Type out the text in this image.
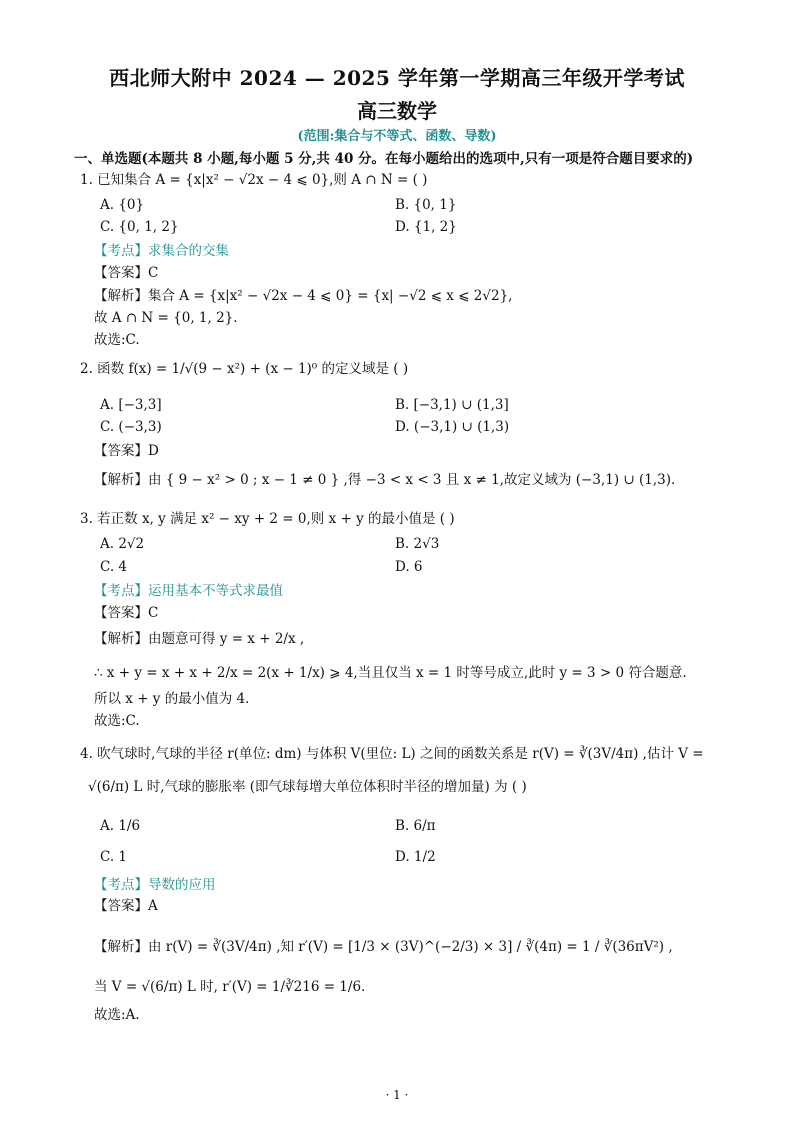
西北师大附中 2024 — 2025 学年第一学期高三年级开学考试
高三数学
(范围:集合与不等式、函数、导数)
一、单选题(本题共 8 小题,每小题 5 分,共 40 分。在每小题给出的选项中,只有一项是符合题目要求的)
1. 已知集合 A = {x|x² − √2x − 4 ⩽ 0},则 A ∩ N = ( )
A. {0}	B. {0, 1}
C. {0, 1, 2}	D. {1, 2}
【考点】求集合的交集
【答案】C
【解析】集合 A = {x|x² − √2x − 4 ⩽ 0} = {x| −√2 ⩽ x ⩽ 2√2},
故 A ∩ N = {0, 1, 2}.
故选:C.
2. 函数 f(x) = 1/√(9 − x²) + (x − 1)⁰ 的定义域是 ( )
A. [−3,3]	B. [−3,1) ∪ (1,3]
C. (−3,3)	D. (−3,1) ∪ (1,3)
【答案】D
【解析】由 { 9 − x² > 0 ; x − 1 ≠ 0 } ,得 −3 < x < 3 且 x ≠ 1,故定义域为 (−3,1) ∪ (1,3).
3. 若正数 x, y 满足 x² − xy + 2 = 0,则 x + y 的最小值是 ( )
A. 2√2	B. 2√3
C. 4	D. 6
【考点】运用基本不等式求最值
【答案】C
【解析】由题意可得 y = x + 2/x ,
∴ x + y = x + x + 2/x = 2(x + 1/x) ⩾ 4,当且仅当 x = 1 时等号成立,此时 y = 3 > 0 符合题意.
所以 x + y 的最小值为 4.
故选:C.
4. 吹气球时,气球的半径 r(单位: dm) 与体积 V(里位: L) 之间的函数关系是 r(V) = ∛(3V/4π) ,估计 V =
√(6/π) L 时,气球的膨胀率 (即气球每增大单位体积时半径的增加量) 为 ( )
A. 1/6	B. 6/π
C. 1	D. 1/2
【考点】导数的应用
【答案】A
【解析】由 r(V) = ∛(3V/4π) ,知 r′(V) = [1/3 × (3V)^(−2/3) × 3] / ∛(4π) = 1 / ∛(36πV²) ,
当 V = √(6/π) L 时, r′(V) = 1/∛216 = 1/6.
故选:A.
· 1 ·
